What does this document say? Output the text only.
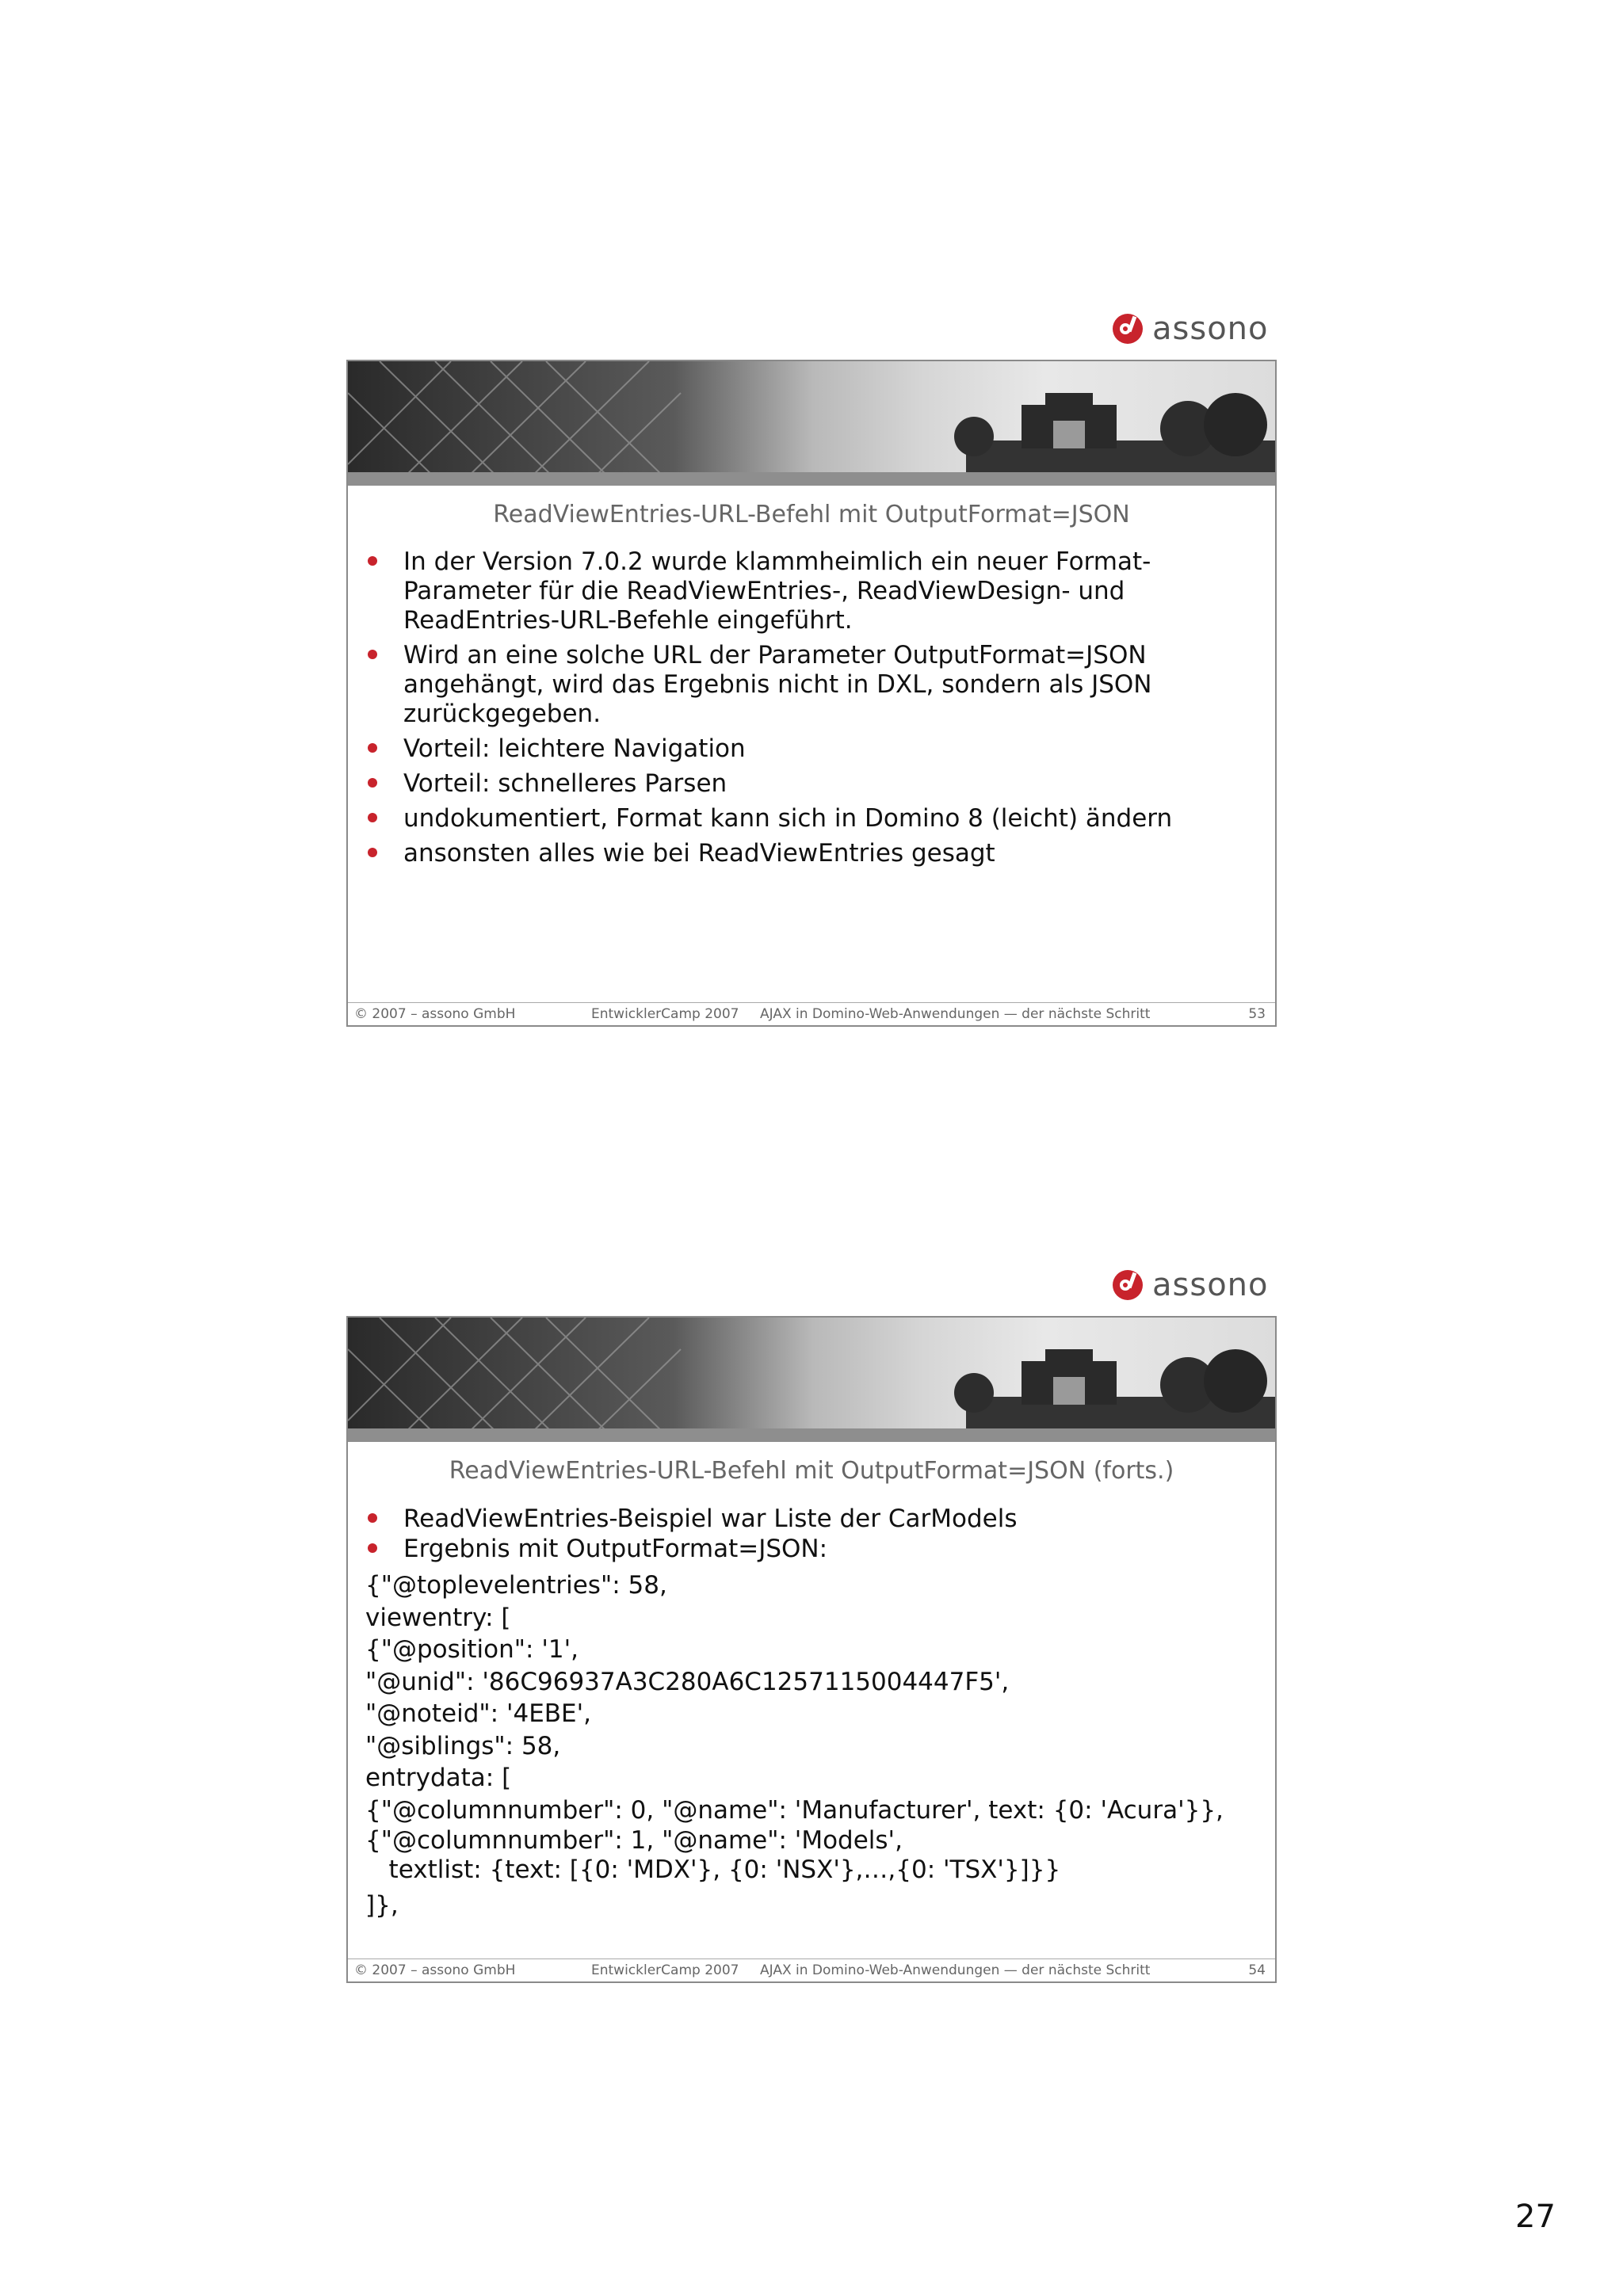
assono
ReadViewEntries-URL-Befehl mit OutputFormat=JSON
In der Version 7.0.2 wurde klammheimlich ein neuer Format-Parameter für die ReadViewEntries-, ReadViewDesign- und ReadEntries-URL-Befehle eingeführt.
Wird an eine solche URL der Parameter OutputFormat=JSON angehängt, wird das Ergebnis nicht in DXL, sondern als JSON zurückgegeben.
Vorteil: leichtere Navigation
Vorteil: schnelleres Parsen
undokumentiert, Format kann sich in Domino 8 (leicht) ändern
ansonsten alles wie bei ReadViewEntries gesagt
© 2007 – assono GmbH	EntwicklerCamp 2007 AJAX in Domino-Web-Anwendungen — der nächste Schritt	53
assono
ReadViewEntries-URL-Befehl mit OutputFormat=JSON (forts.)
ReadViewEntries-Beispiel war Liste der CarModels
Ergebnis mit OutputFormat=JSON:
{"@toplevelentries": 58,
viewentry: [
{"@position": '1',
"@unid": '86C96937A3C280A6C1257115004447F5',
"@noteid": '4EBE',
"@siblings": 58,
entrydata: [
{"@columnnumber": 0, "@name": 'Manufacturer', text: {0: 'Acura'}},
{"@columnnumber": 1, "@name": 'Models',
textlist: {text: [{0: 'MDX'}, {0: 'NSX'},…,{0: 'TSX'}]}}
]},
© 2007 – assono GmbH	EntwicklerCamp 2007 AJAX in Domino-Web-Anwendungen — der nächste Schritt	54
27
